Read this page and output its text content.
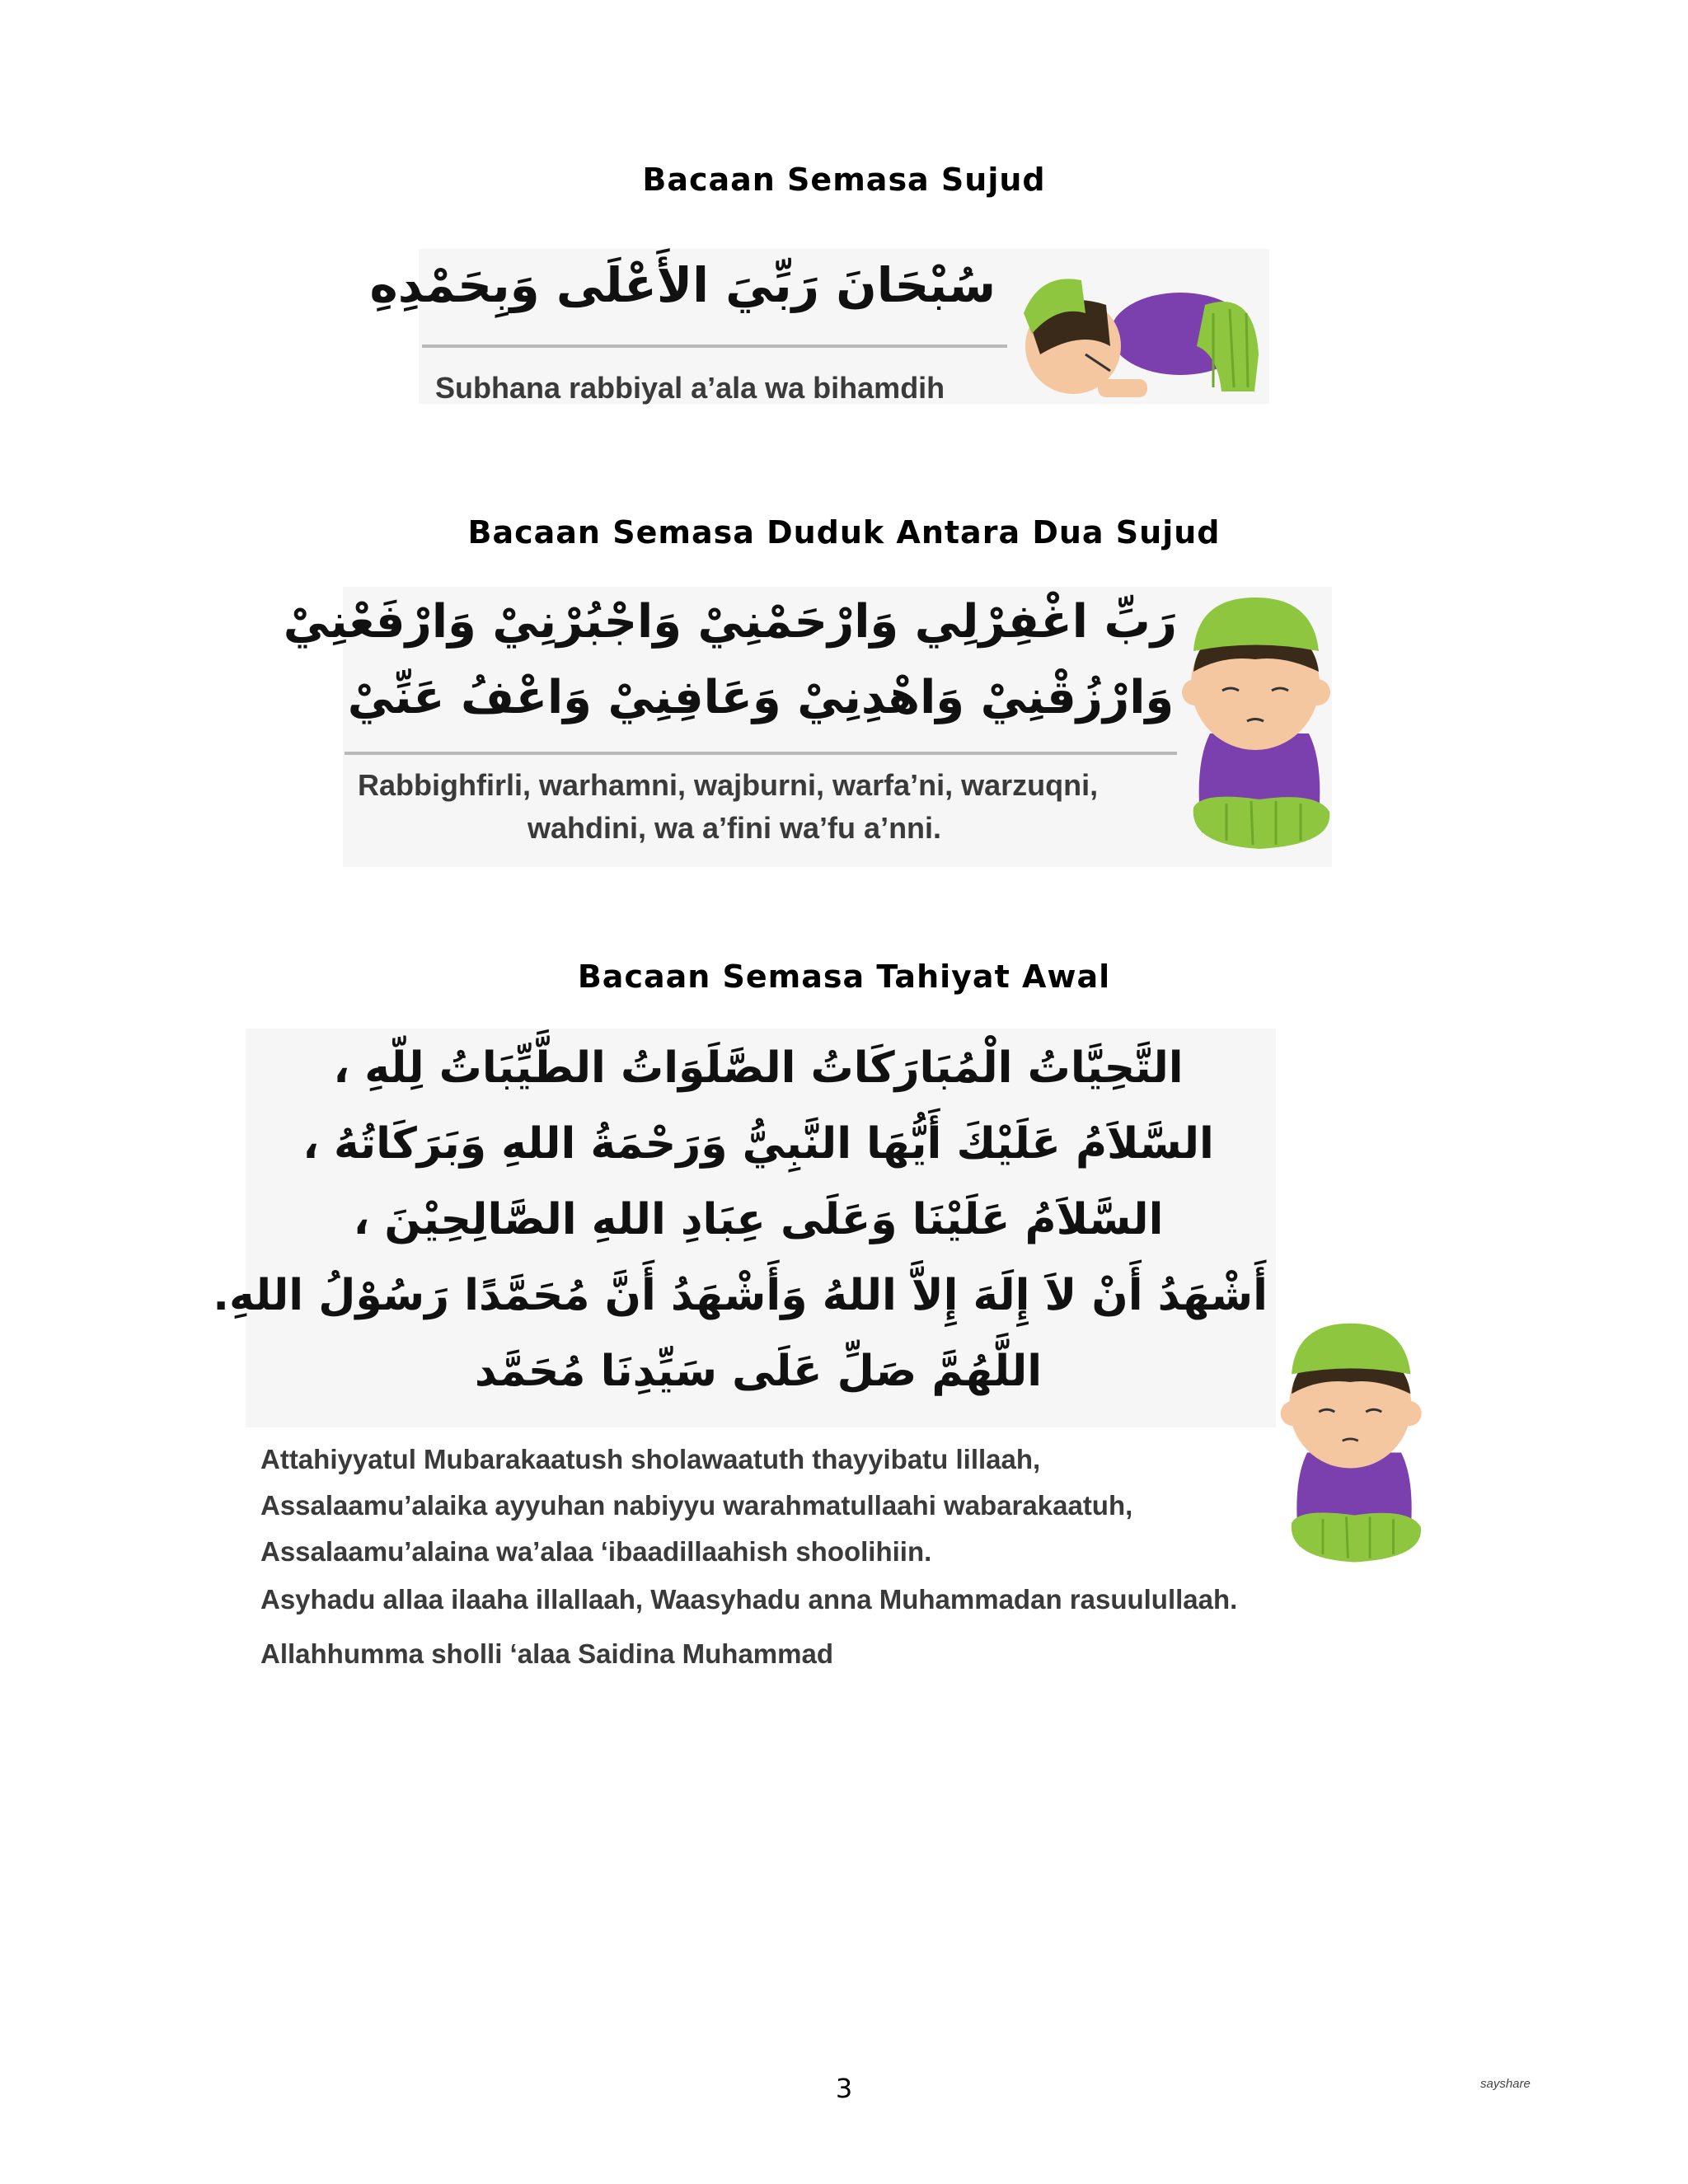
Bacaan Semasa Sujud
سُبْحَانَ رَبِّيَ الأَعْلَى وَبِحَمْدِهِ
Subhana rabbiyal a’ala wa bihamdih
Bacaan Semasa Duduk Antara Dua Sujud
رَبِّ اغْفِرْلِي وَارْحَمْنِيْ وَاجْبُرْنِيْ وَارْفَعْنِيْ
وَارْزُقْنِيْ وَاهْدِنِيْ وَعَافِنِيْ وَاعْفُ عَنِّيْ
Rabbighfirli, warhamni, wajburni, warfa’ni, warzuqni,
wahdini, wa a’fini wa’fu a’nni.
Bacaan Semasa Tahiyat Awal
التَّحِيَّاتُ الْمُبَارَكَاتُ الصَّلَوَاتُ الطَّيِّبَاتُ لِلّهِ ،
السَّلاَمُ عَلَيْكَ أَيُّهَا النَّبِيُّ وَرَحْمَةُ اللهِ وَبَرَكَاتُهُ ،
السَّلاَمُ عَلَيْنَا وَعَلَى عِبَادِ اللهِ الصَّالِحِيْنَ ،
أَشْهَدُ أَنْ لاَ إِلَهَ إِلاَّ اللهُ وَأَشْهَدُ أَنَّ مُحَمَّدًا رَسُوْلُ اللهِ.
اللَّهُمَّ صَلِّ عَلَى سَيِّدِنَا مُحَمَّد
Attahiyyatul Mubarakaatush sholawaatuth thayyibatu lillaah,
Assalaamu’alaika ayyuhan nabiyyu warahmatullaahi wabarakaatuh,
Assalaamu’alaina wa’alaa ‘ibaadillaahish shoolihiin.
Asyhadu allaa ilaaha illallaah, Waasyhadu anna Muhammadan rasuulullaah.
Allahhumma sholli ‘alaa Saidina Muhammad
3	sayshare
